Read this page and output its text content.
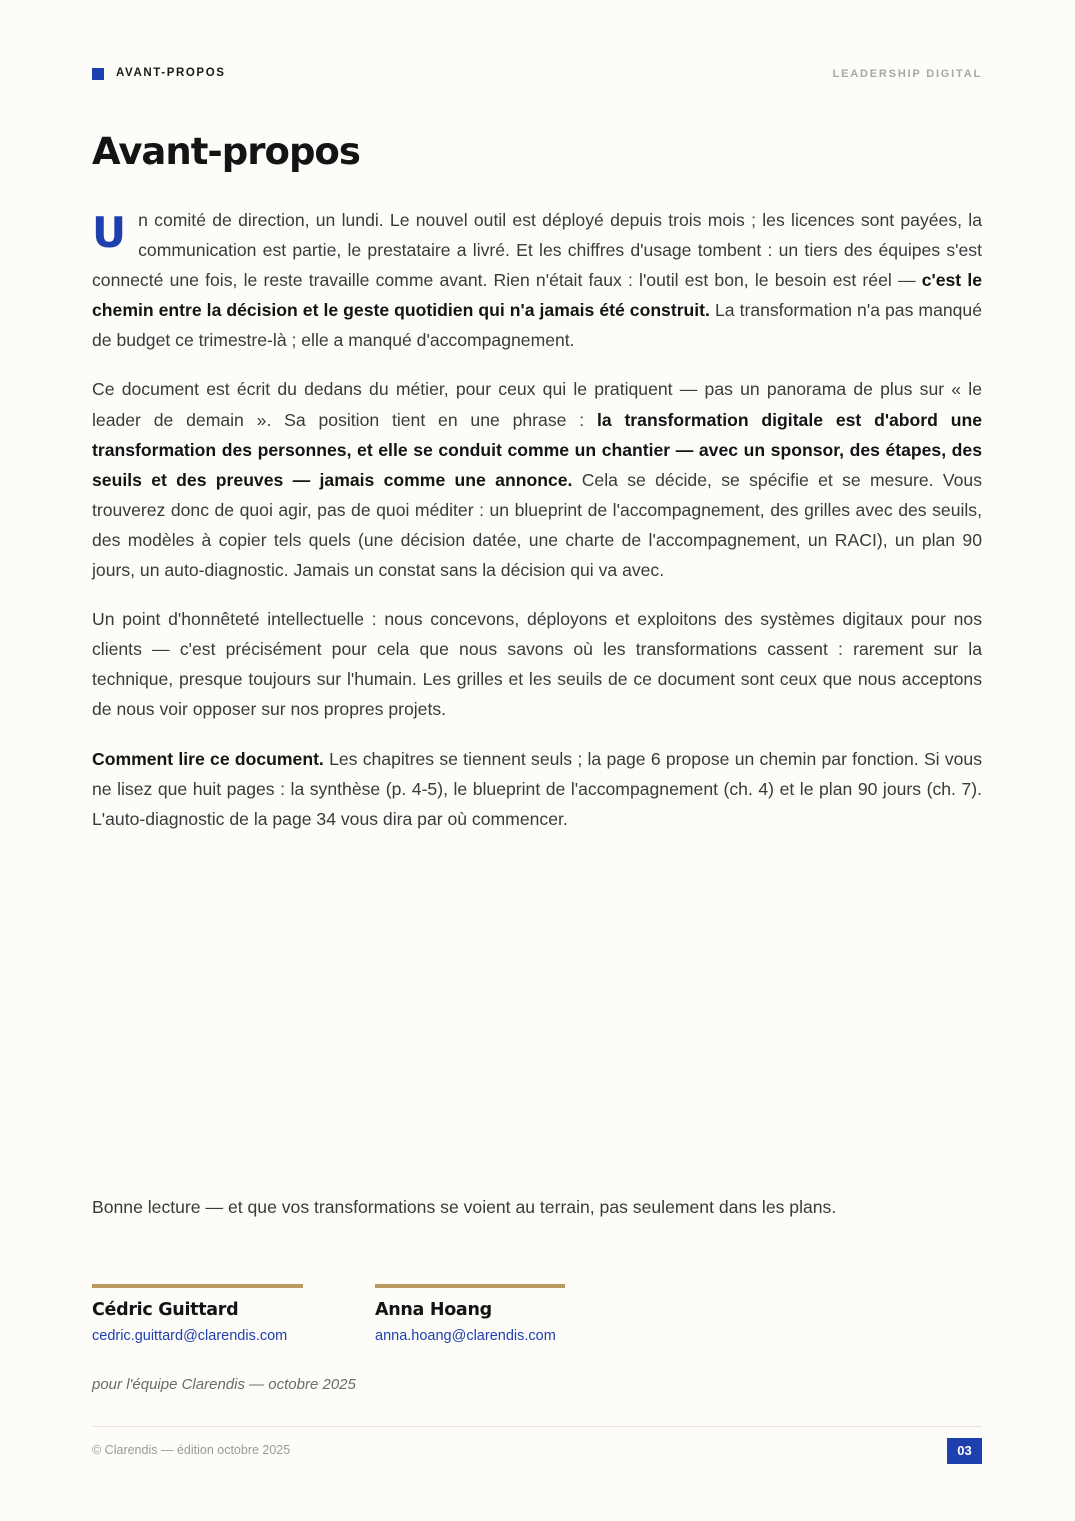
AVANT-PROPOS	LEADERSHIP DIGITAL
Avant-propos

Un comité de direction, un lundi. Le nouvel outil est déployé depuis trois mois ; les licences sont payées, la communication est partie, le prestataire a livré. Et les chiffres d'usage tombent : un tiers des équipes s'est connecté une fois, le reste travaille comme avant. Rien n'était faux : l'outil est bon, le besoin est réel — c'est le chemin entre la décision et le geste quotidien qui n'a jamais été construit. La transformation n'a pas manqué de budget ce trimestre-là ; elle a manqué d'accompagnement.

Ce document est écrit du dedans du métier, pour ceux qui le pratiquent — pas un panorama de plus sur « le leader de demain ». Sa position tient en une phrase : la transformation digitale est d'abord une transformation des personnes, et elle se conduit comme un chantier — avec un sponsor, des étapes, des seuils et des preuves — jamais comme une annonce. Cela se décide, se spécifie et se mesure. Vous trouverez donc de quoi agir, pas de quoi méditer : un blueprint de l'accompagnement, des grilles avec des seuils, des modèles à copier tels quels (une décision datée, une charte de l'accompagnement, un RACI), un plan 90 jours, un auto-diagnostic. Jamais un constat sans la décision qui va avec.

Un point d'honnêteté intellectuelle : nous concevons, déployons et exploitons des systèmes digitaux pour nos clients — c'est précisément pour cela que nous savons où les transformations cassent : rarement sur la technique, presque toujours sur l'humain. Les grilles et les seuils de ce document sont ceux que nous acceptons de nous voir opposer sur nos propres projets.

Comment lire ce document. Les chapitres se tiennent seuls ; la page 6 propose un chemin par fonction. Si vous ne lisez que huit pages : la synthèse (p. 4-5), le blueprint de l'accompagnement (ch. 4) et le plan 90 jours (ch. 7). L'auto-diagnostic de la page 34 vous dira par où commencer.

Bonne lecture — et que vos transformations se voient au terrain, pas seulement dans les plans.
Cédric Guittard
cedric.guittard@clarendis.com
Anna Hoang
anna.hoang@clarendis.com
pour l'équipe Clarendis — octobre 2025
© Clarendis — édition octobre 2025	03
